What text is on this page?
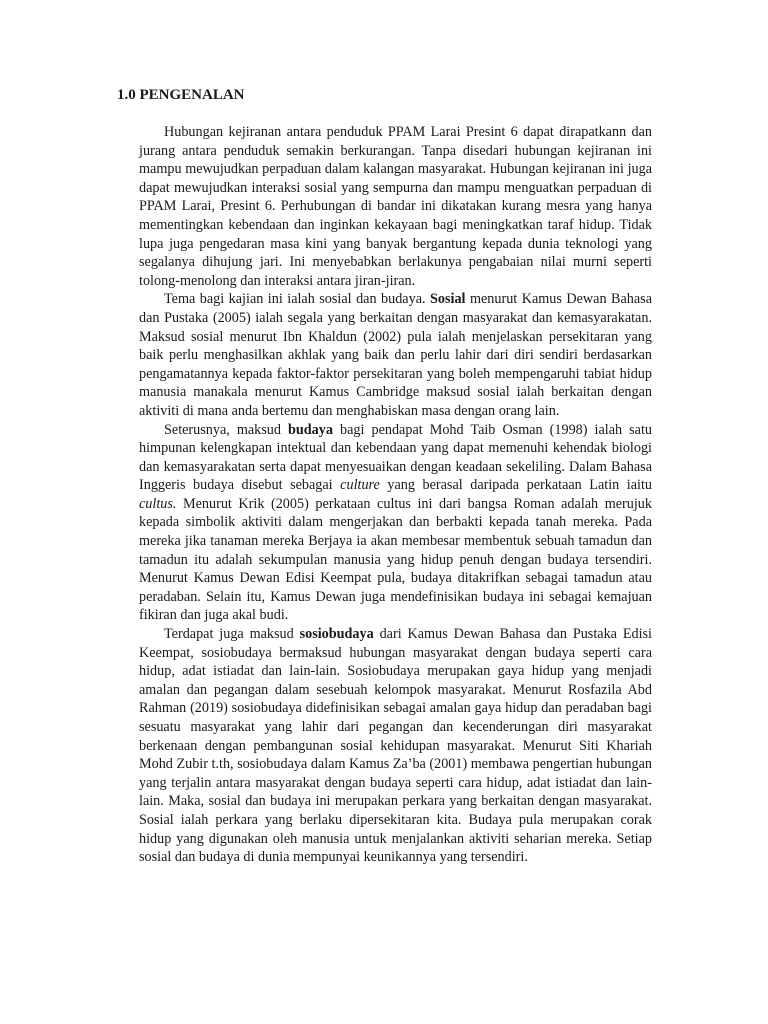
1.0 PENGENALAN

Hubungan kejiranan antara penduduk PPAM Larai Presint 6 dapat dirapatkann dan jurang antara penduduk semakin berkurangan. Tanpa disedari hubungan kejiranan ini mampu mewujudkan perpaduan dalam kalangan masyarakat. Hubungan kejiranan ini juga dapat mewujudkan interaksi sosial yang sempurna dan mampu menguatkan perpaduan di PPAM Larai, Presint 6. Perhubungan di bandar ini dikatakan kurang mesra yang hanya mementingkan kebendaan dan inginkan kekayaan bagi meningkatkan taraf hidup. Tidak lupa juga pengedaran masa kini yang banyak bergantung kepada dunia teknologi yang segalanya dihujung jari. Ini menyebabkan berlakunya pengabaian nilai murni seperti tolong-menolong dan interaksi antara jiran-jiran.

Tema bagi kajian ini ialah sosial dan budaya. Sosial menurut Kamus Dewan Bahasa dan Pustaka (2005) ialah segala yang berkaitan dengan masyarakat dan kemasyarakatan. Maksud sosial menurut Ibn Khaldun (2002) pula ialah menjelaskan persekitaran yang baik perlu menghasilkan akhlak yang baik dan perlu lahir dari diri sendiri berdasarkan pengamatannya kepada faktor-faktor persekitaran yang boleh mempengaruhi tabiat hidup manusia manakala menurut Kamus Cambridge maksud sosial ialah berkaitan dengan aktiviti di mana anda bertemu dan menghabiskan masa dengan orang lain.

Seterusnya, maksud budaya bagi pendapat Mohd Taib Osman (1998) ialah satu himpunan kelengkapan intektual dan kebendaan yang dapat memenuhi kehendak biologi dan kemasyarakatan serta dapat menyesuaikan dengan keadaan sekeliling. Dalam Bahasa Inggeris budaya disebut sebagai culture yang berasal daripada perkataan Latin iaitu cultus. Menurut Krik (2005) perkataan cultus ini dari bangsa Roman adalah merujuk kepada simbolik aktiviti dalam mengerjakan dan berbakti kepada tanah mereka. Pada mereka jika tanaman mereka Berjaya ia akan membesar membentuk sebuah tamadun dan tamadun itu adalah sekumpulan manusia yang hidup penuh dengan budaya tersendiri. Menurut Kamus Dewan Edisi Keempat pula, budaya ditakrifkan sebagai tamadun atau peradaban. Selain itu, Kamus Dewan juga mendefinisikan budaya ini sebagai kemajuan fikiran dan juga akal budi.

Terdapat juga maksud sosiobudaya dari Kamus Dewan Bahasa dan Pustaka Edisi Keempat, sosiobudaya bermaksud hubungan masyarakat dengan budaya seperti cara hidup, adat istiadat dan lain-lain. Sosiobudaya merupakan gaya hidup yang menjadi amalan dan pegangan dalam sesebuah kelompok masyarakat. Menurut Rosfazila Abd Rahman (2019) sosiobudaya didefinisikan sebagai amalan gaya hidup dan peradaban bagi sesuatu masyarakat yang lahir dari pegangan dan kecenderungan diri masyarakat berkenaan dengan pembangunan sosial kehidupan masyarakat. Menurut Siti Khariah Mohd Zubir t.th, sosiobudaya dalam Kamus Za’ba (2001) membawa pengertian hubungan yang terjalin antara masyarakat dengan budaya seperti cara hidup, adat istiadat dan lain-lain. Maka, sosial dan budaya ini merupakan perkara yang berkaitan dengan masyarakat. Sosial ialah perkara yang berlaku dipersekitaran kita. Budaya pula merupakan corak hidup yang digunakan oleh manusia untuk menjalankan aktiviti seharian mereka. Setiap sosial dan budaya di dunia mempunyai keunikannya yang tersendiri.
